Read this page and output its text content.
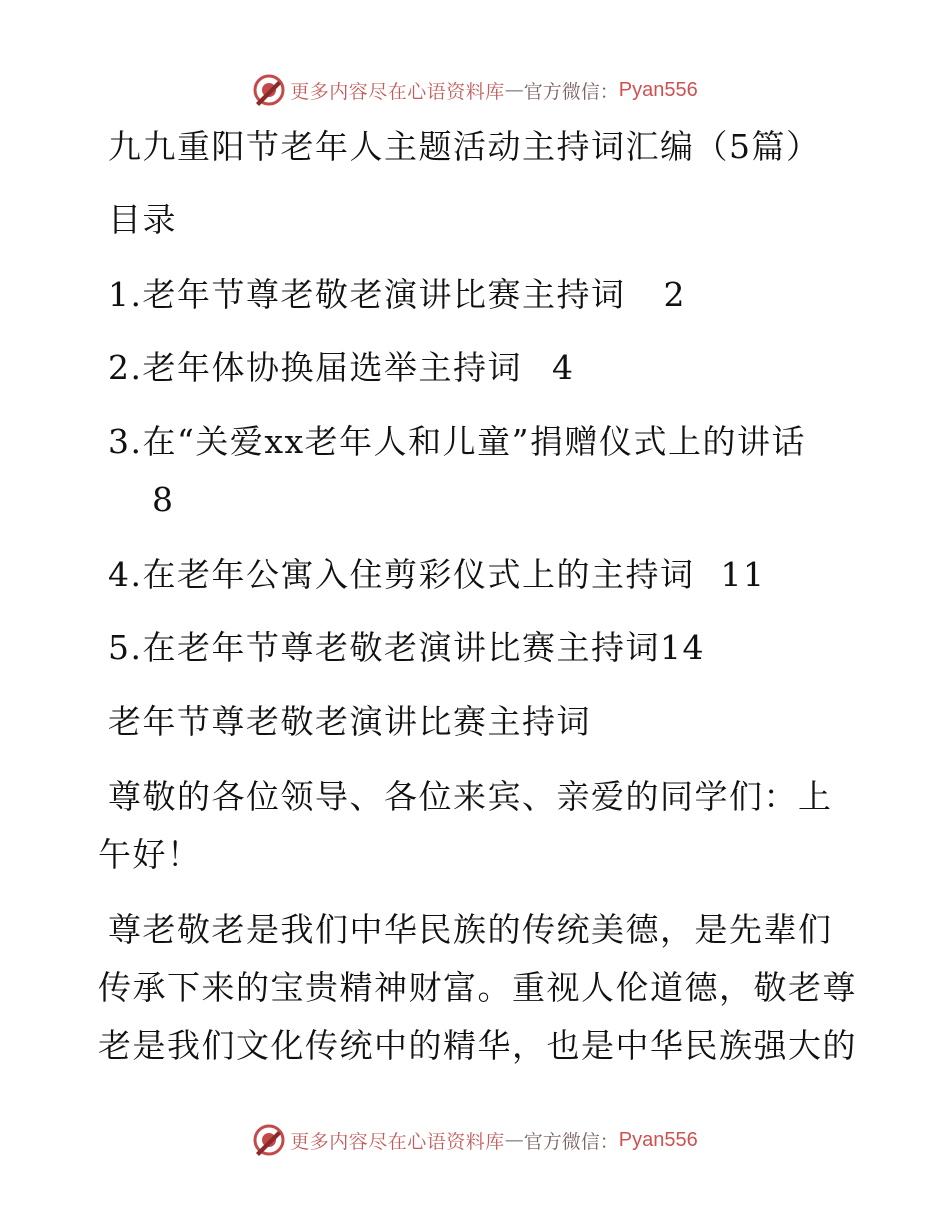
更多内容尽在心语资料库 — 官方微信： Pyan556
九九重阳节老年人主题活动主持词汇编（5篇）
目录
1.老年节尊老敬老演讲比赛主持词 2
2.老年体协换届选举主持词 4
3.在“关爱xx老年人和儿童”捐赠仪式上的讲话
8
4.在老年公寓入住剪彩仪式上的主持词 11
5.在老年节尊老敬老演讲比赛主持词14
老年节尊老敬老演讲比赛主持词
尊敬的各位领导、各位来宾、亲爱的同学们：上
午好！
尊老敬老是我们中华民族的传统美德，是先辈们
传承下来的宝贵精神财富。重视人伦道德，敬老尊
老是我们文化传统中的精华，也是中华民族强大的
更多内容尽在心语资料库 — 官方微信： Pyan556
